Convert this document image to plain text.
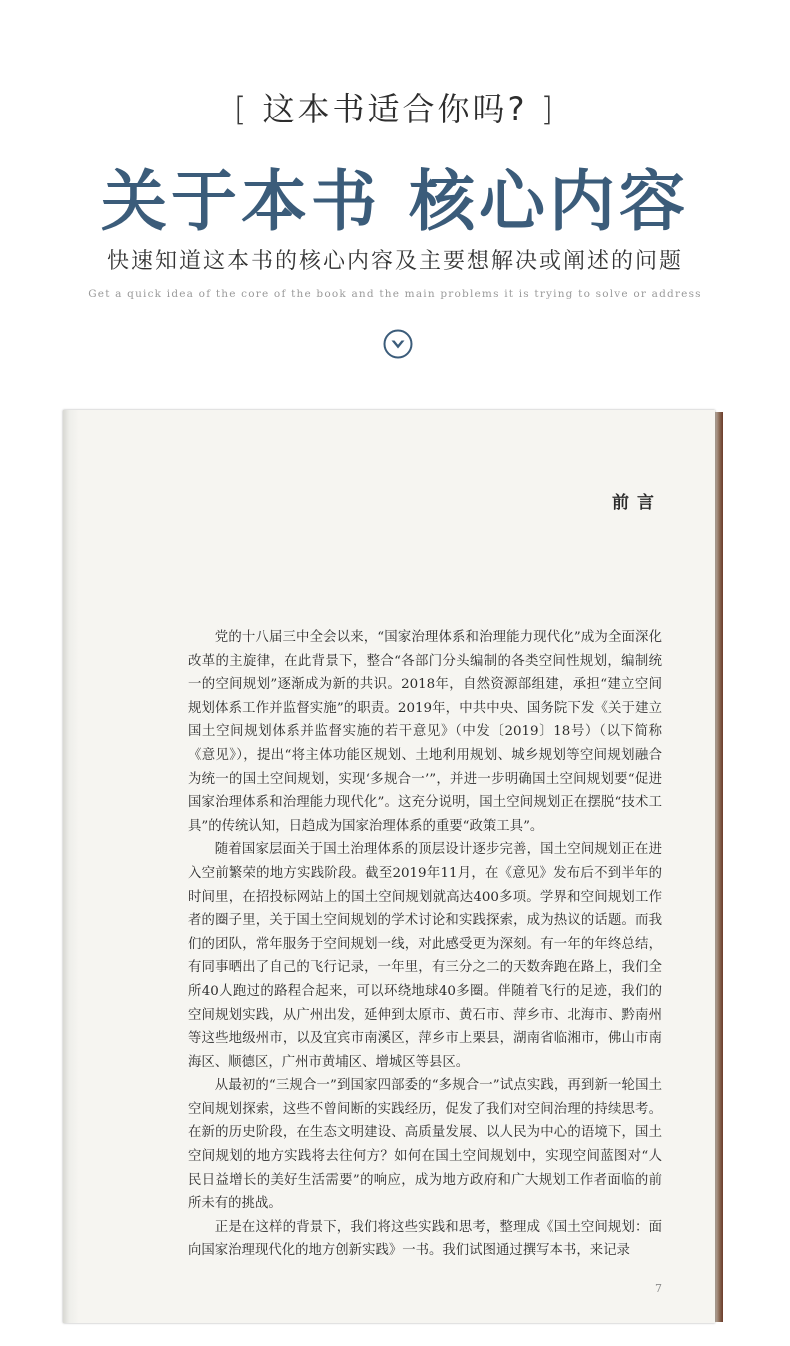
[ 这本书适合你吗? ]
关于本书 核心内容
快速知道这本书的核心内容及主要想解决或阐述的问题
Get a quick idea of the core of the book and the main problems it is trying to solve or address
前言

党的十八届三中全会以来，“国家治理体系和治理能力现代化”成为全面深化改革的主旋律，在此背景下，整合“各部门分头编制的各类空间性规划，编制统一的空间规划”逐渐成为新的共识。2018年，自然资源部组建，承担“建立空间规划体系工作并监督实施”的职责。2019年，中共中央、国务院下发《关于建立国土空间规划体系并监督实施的若干意见》（中发〔2019〕18号）（以下简称《意见》），提出“将主体功能区规划、土地利用规划、城乡规划等空间规划融合为统一的国土空间规划，实现‘多规合一’”，并进一步明确国土空间规划要“促进国家治理体系和治理能力现代化”。这充分说明，国土空间规划正在摆脱“技术工具”的传统认知，日趋成为国家治理体系的重要“政策工具”。

随着国家层面关于国土治理体系的顶层设计逐步完善，国土空间规划正在进入空前繁荣的地方实践阶段。截至2019年11月，在《意见》发布后不到半年的时间里，在招投标网站上的国土空间规划就高达400多项。学界和空间规划工作者的圈子里，关于国土空间规划的学术讨论和实践探索，成为热议的话题。而我们的团队，常年服务于空间规划一线，对此感受更为深刻。有一年的年终总结，有同事晒出了自己的飞行记录，一年里，有三分之二的天数奔跑在路上，我们全所40人跑过的路程合起来，可以环绕地球40多圈。伴随着飞行的足迹，我们的空间规划实践，从广州出发，延伸到太原市、黄石市、萍乡市、北海市、黔南州等这些地级州市，以及宜宾市南溪区，萍乡市上栗县，湖南省临湘市，佛山市南海区、顺德区，广州市黄埔区、增城区等县区。

从最初的“三规合一”到国家四部委的“多规合一”试点实践，再到新一轮国土空间规划探索，这些不曾间断的实践经历，促发了我们对空间治理的持续思考。在新的历史阶段，在生态文明建设、高质量发展、以人民为中心的语境下，国土空间规划的地方实践将去往何方？如何在国土空间规划中，实现空间蓝图对“人民日益增长的美好生活需要”的响应，成为地方政府和广大规划工作者面临的前所未有的挑战。

正是在这样的背景下，我们将这些实践和思考，整理成《国土空间规划：面向国家治理现代化的地方创新实践》一书。我们试图通过撰写本书，来记录

7
